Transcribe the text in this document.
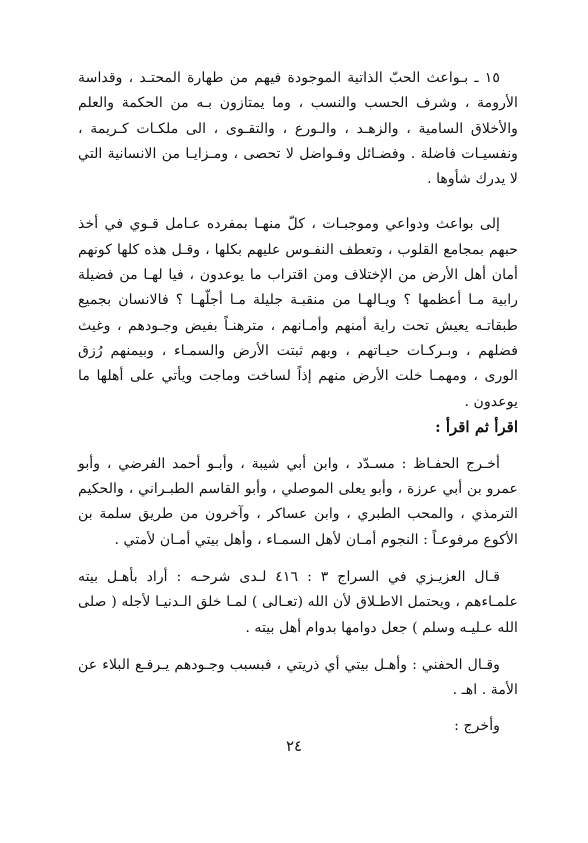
١٥ ـ بـواعث الحبّ الذاتية الموجودة فيهم من طهارة المحتـد ، وقداسة الأرومة ، وشرف الحسب والنسب ، وما يمتازون بـه من الحكمة والعلم والأخلاق السامية ، والزهـد ، والـورع ، والتقـوى ، الى ملكـات كـريمة ، ونفسيـات فاضلة . وفضـائل وفـواضل لا تحصى ، ومـزايـا من الانسانية التي لا يدرك شأوها .

إلى بواعث ودواعي وموجبـات ، كلّ منهـا بمفرده عـامل قـوي في أخذ حبهم بمجامع القلوب ، وتعطف النفـوس عليهم بكلها ، وقـل هذه كلها كونهم أمان أهل الأرض من الإختلاف ومن اقتراب ما يوعدون ، فيا لهـا من فضيلة رابية مـا أعظمها ؟ ويـالهـا من منقبـة جليلة مـا أجلّهـا ؟ فالانسان بجميع طبقاتـه يعيش تحت راية أمنهم وأمـانهم ، مترهنـاً بفيض وجـودهم ، وغيث فضلهم ، وبـركـات حيـاتهم ، وبهم ثبتت الأرض والسمـاء ، وبيمنهم رُزق الورى ، ومهمـا خلت الأرض منهم إذاً لساخت وماجت ويأتي على أهلها ما يوعدون .

اقرأ ثم اقرأ :

أخـرج الحفـاظ : مسـدّد ، وابن أبي شيبة ، وأبـو أحمد الفرضي ، وأبو عمرو بن أبي عرزة ، وأبو يعلى الموصلي ، وأبو القاسم الطبـراني ، والحكيم الترمذي ، والمحب الطبري ، وابن عساكر ، وآخرون من طريق سلمة بن الأكوع مرفوعـاً : النجوم أمـان لأهل السمـاء ، وأهل بيتي أمـان لأمتي .

قـال العزيـزي في السراج ٣ : ٤١٦ لـدى شرحـه : أراد بأهـل بيته علمـاءهم ، ويحتمل الاطـلاق لأن الله (تعـالى ) لمـا خلق الـدنيـا لأجله ( صلى الله عـليـه وسلم ) جعل دوامها بدوام أهل بيته .

وقـال الحفني : وأهـل بيتي أي ذريتي ، فبسبب وجـودهم يـرفـع البلاء عن الأمة . اهـ .

وأخرج :

٢٤
